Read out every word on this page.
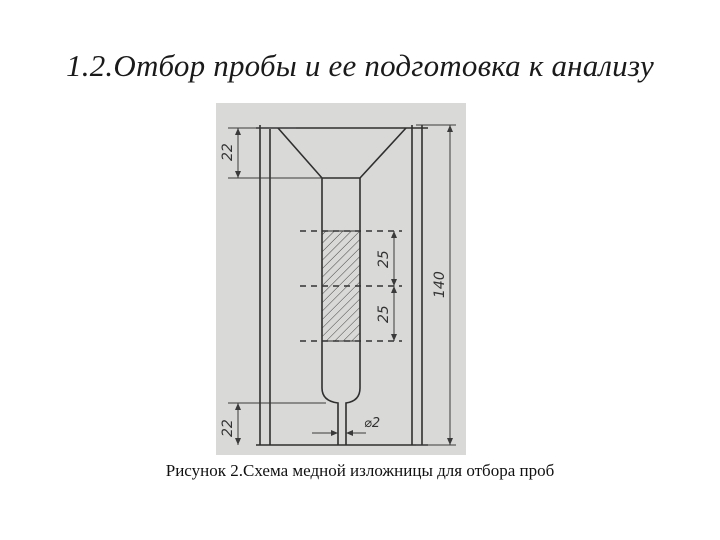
1.2.Отбор пробы и ее подготовка к анализу
22
25
25
140
22	⌀2
Рисунок 2.Схема медной изложницы для отбора проб
